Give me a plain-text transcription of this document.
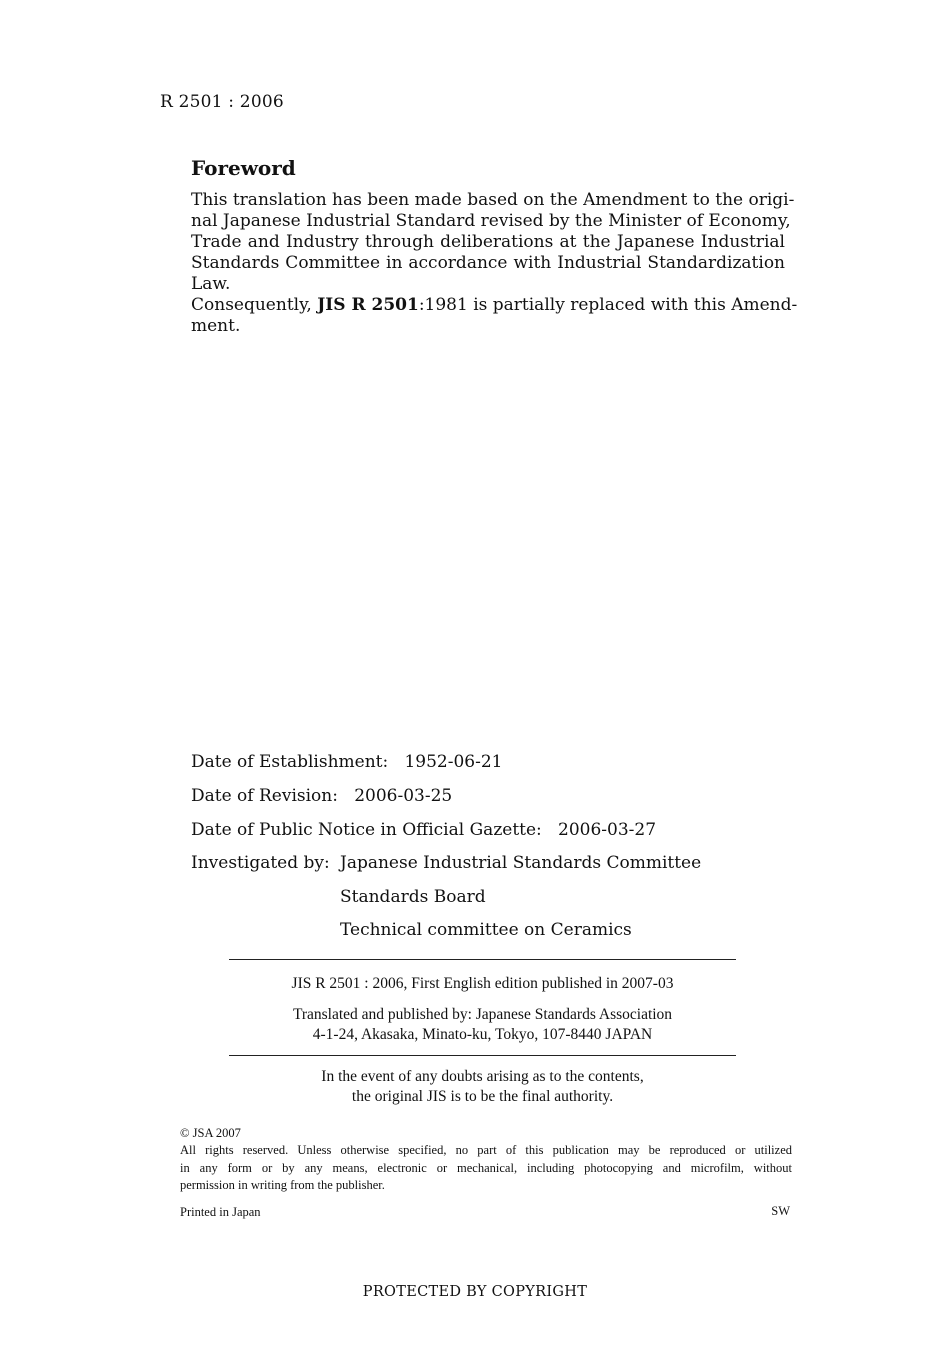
R 2501 : 2006
Foreword
This translation has been made based on the Amendment to the origi-
nal Japanese Industrial Standard revised by the Minister of Economy,
Trade and Industry through deliberations at the Japanese Industrial
Standards Committee in accordance with Industrial Standardization
Law.
Consequently, JIS R 2501:1981 is partially replaced with this Amend-
ment.
Date of Establishment: 1952-06-21
Date of Revision: 2006-03-25
Date of Public Notice in Official Gazette: 2006-03-27
Investigated by: Japanese Industrial Standards Committee
Standards Board
Technical committee on Ceramics
JIS R 2501 : 2006, First English edition published in 2007-03
Translated and published by: Japanese Standards Association
4-1-24, Akasaka, Minato-ku, Tokyo, 107-8440 JAPAN
In the event of any doubts arising as to the contents,
the original JIS is to be the final authority.
© JSA 2007
All rights reserved. Unless otherwise specified, no part of this publication may be reproduced or utilized
in any form or by any means, electronic or mechanical, including photocopying and microfilm, without
permission in writing from the publisher.
Printed in Japan	SW
PROTECTED BY COPYRIGHT
